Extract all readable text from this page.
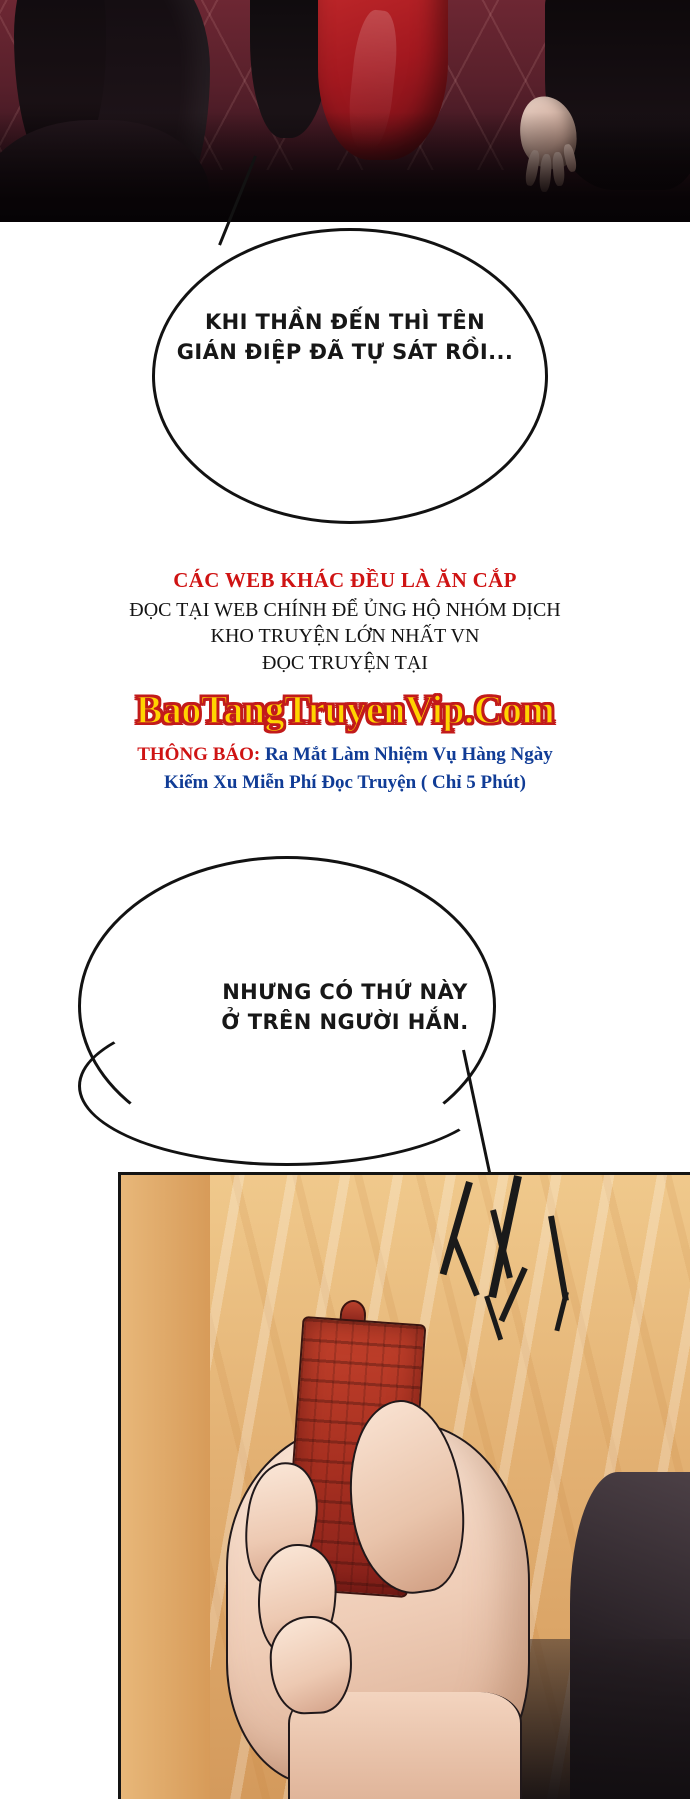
KHI THẦN ĐẾN THÌ TÊN
GIÁN ĐIỆP ĐÃ TỰ SÁT RỒI...

CÁC WEB KHÁC ĐỀU LÀ ĂN CẮP

ĐỌC TẠI WEB CHÍNH ĐỂ ỦNG HỘ NHÓM DỊCH

KHO TRUYỆN LỚN NHẤT VN

ĐỌC TRUYỆN TẠI

BaoTangTruyenVip.Com

THÔNG BÁO: Ra Mắt Làm Nhiệm Vụ Hàng Ngày
Kiếm Xu Miễn Phí Đọc Truyện ( Chỉ 5 Phút)

NHƯNG CÓ THỨ NÀY
Ở TRÊN NGƯỜI HẮN.
